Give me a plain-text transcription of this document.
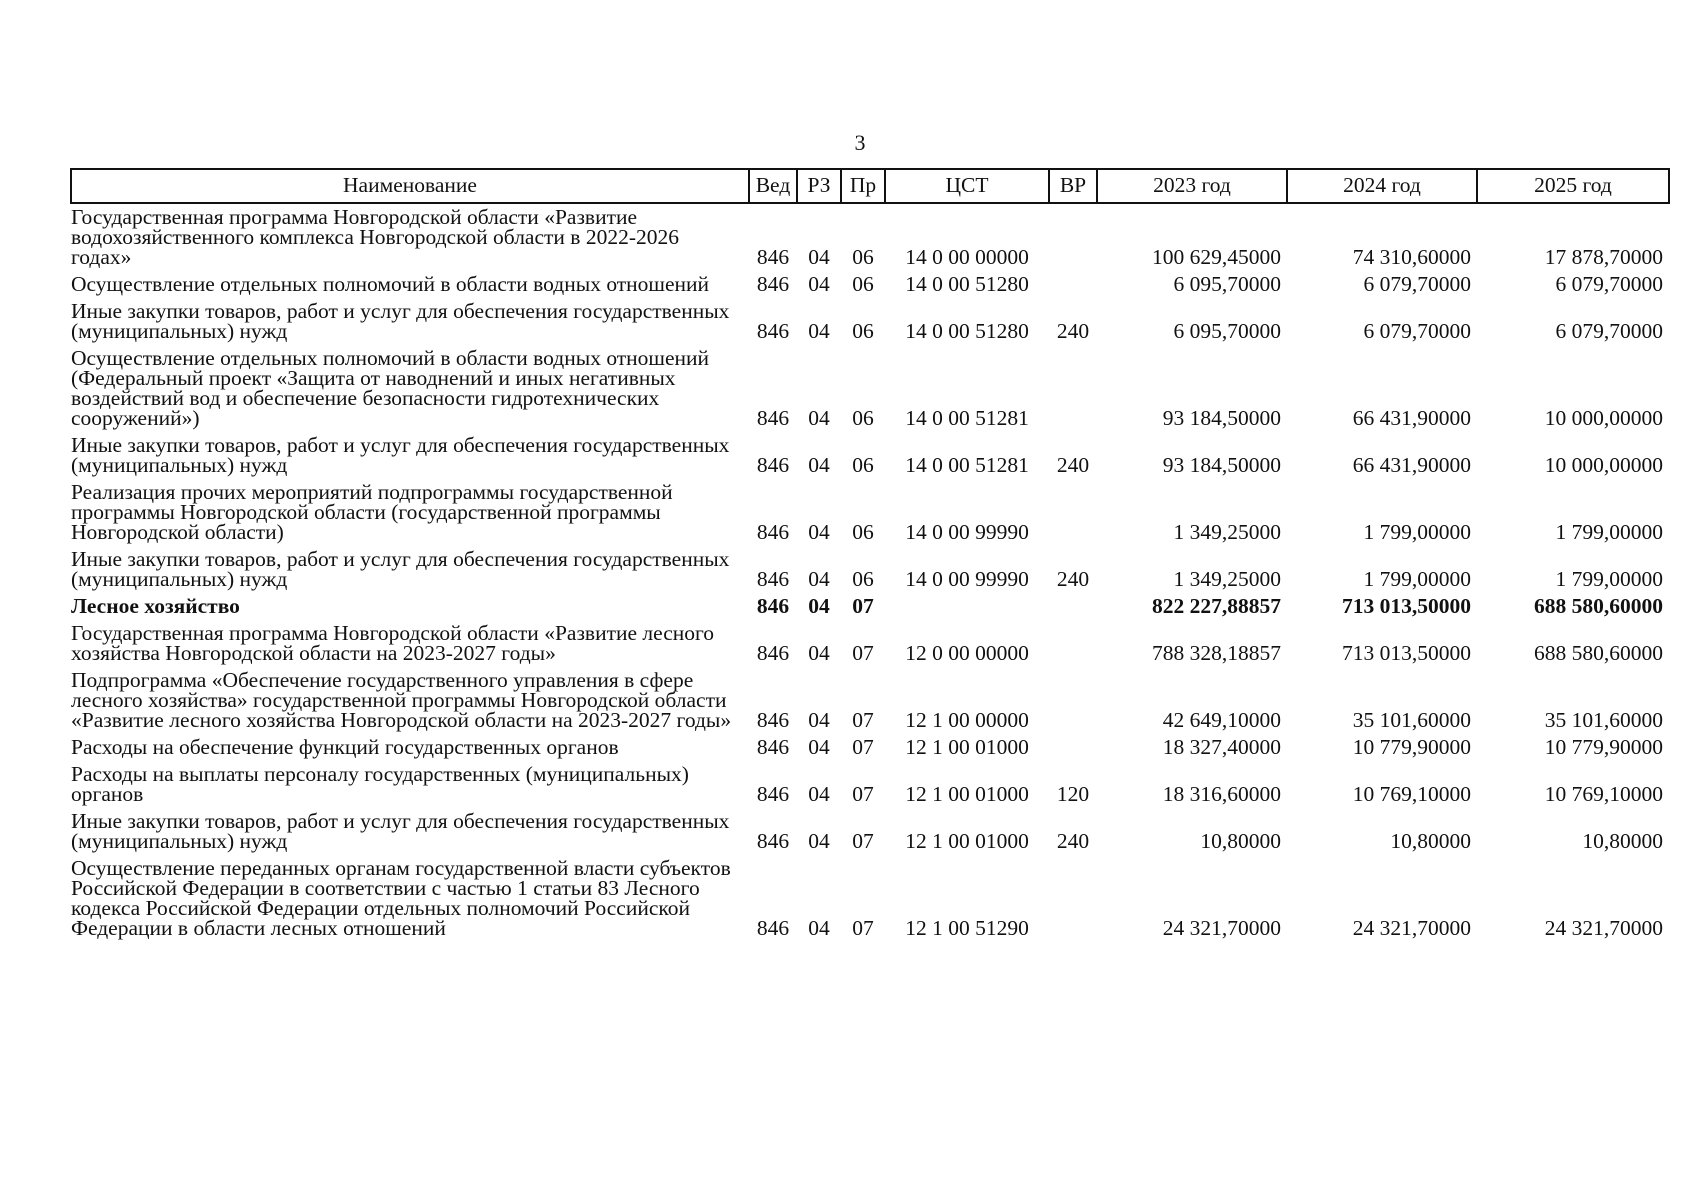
3
Наименование	Вед	РЗ	Пр	ЦСТ	ВР	2023 год	2024 год	2025 год
Государственная программа Новгородской области «Развитие водохозяйственного комплекса Новгородской области в 2022-2026 годах»	846	04	06	14 0 00 00000		100 629,45000	74 310,60000	17 878,70000
Осуществление отдельных полномочий в области водных отношений	846	04	06	14 0 00 51280		6 095,70000	6 079,70000	6 079,70000
Иные закупки товаров, работ и услуг для обеспечения государственных (муниципальных) нужд	846	04	06	14 0 00 51280	240	6 095,70000	6 079,70000	6 079,70000
Осуществление отдельных полномочий в области водных отношений (Федеральный проект «Защита от наводнений и иных негативных воздействий вод и обеспечение безопасности гидротехнических сооружений»)	846	04	06	14 0 00 51281		93 184,50000	66 431,90000	10 000,00000
Иные закупки товаров, работ и услуг для обеспечения государственных (муниципальных) нужд	846	04	06	14 0 00 51281	240	93 184,50000	66 431,90000	10 000,00000
Реализация прочих мероприятий подпрограммы государственной программы Новгородской области (государственной программы Новгородской области)	846	04	06	14 0 00 99990		1 349,25000	1 799,00000	1 799,00000
Иные закупки товаров, работ и услуг для обеспечения государственных (муниципальных) нужд	846	04	06	14 0 00 99990	240	1 349,25000	1 799,00000	1 799,00000
Лесное хозяйство	846	04	07			822 227,88857	713 013,50000	688 580,60000
Государственная программа Новгородской области «Развитие лесного хозяйства Новгородской области на 2023-2027 годы»	846	04	07	12 0 00 00000		788 328,18857	713 013,50000	688 580,60000
Подпрограмма «Обеспечение государственного управления в сфере лесного хозяйства» государственной программы Новгородской области «Развитие лесного хозяйства Новгородской области на 2023-2027 годы»	846	04	07	12 1 00 00000		42 649,10000	35 101,60000	35 101,60000
Расходы на обеспечение функций государственных органов	846	04	07	12 1 00 01000		18 327,40000	10 779,90000	10 779,90000
Расходы на выплаты персоналу государственных (муниципальных) органов	846	04	07	12 1 00 01000	120	18 316,60000	10 769,10000	10 769,10000
Иные закупки товаров, работ и услуг для обеспечения государственных (муниципальных) нужд	846	04	07	12 1 00 01000	240	10,80000	10,80000	10,80000
Осуществление переданных органам государственной власти субъектов Российской Федерации в соответствии с частью 1 статьи 83 Лесного кодекса Российской Федерации отдельных полномочий Российской Федерации в области лесных отношений	846	04	07	12 1 00 51290		24 321,70000	24 321,70000	24 321,70000
